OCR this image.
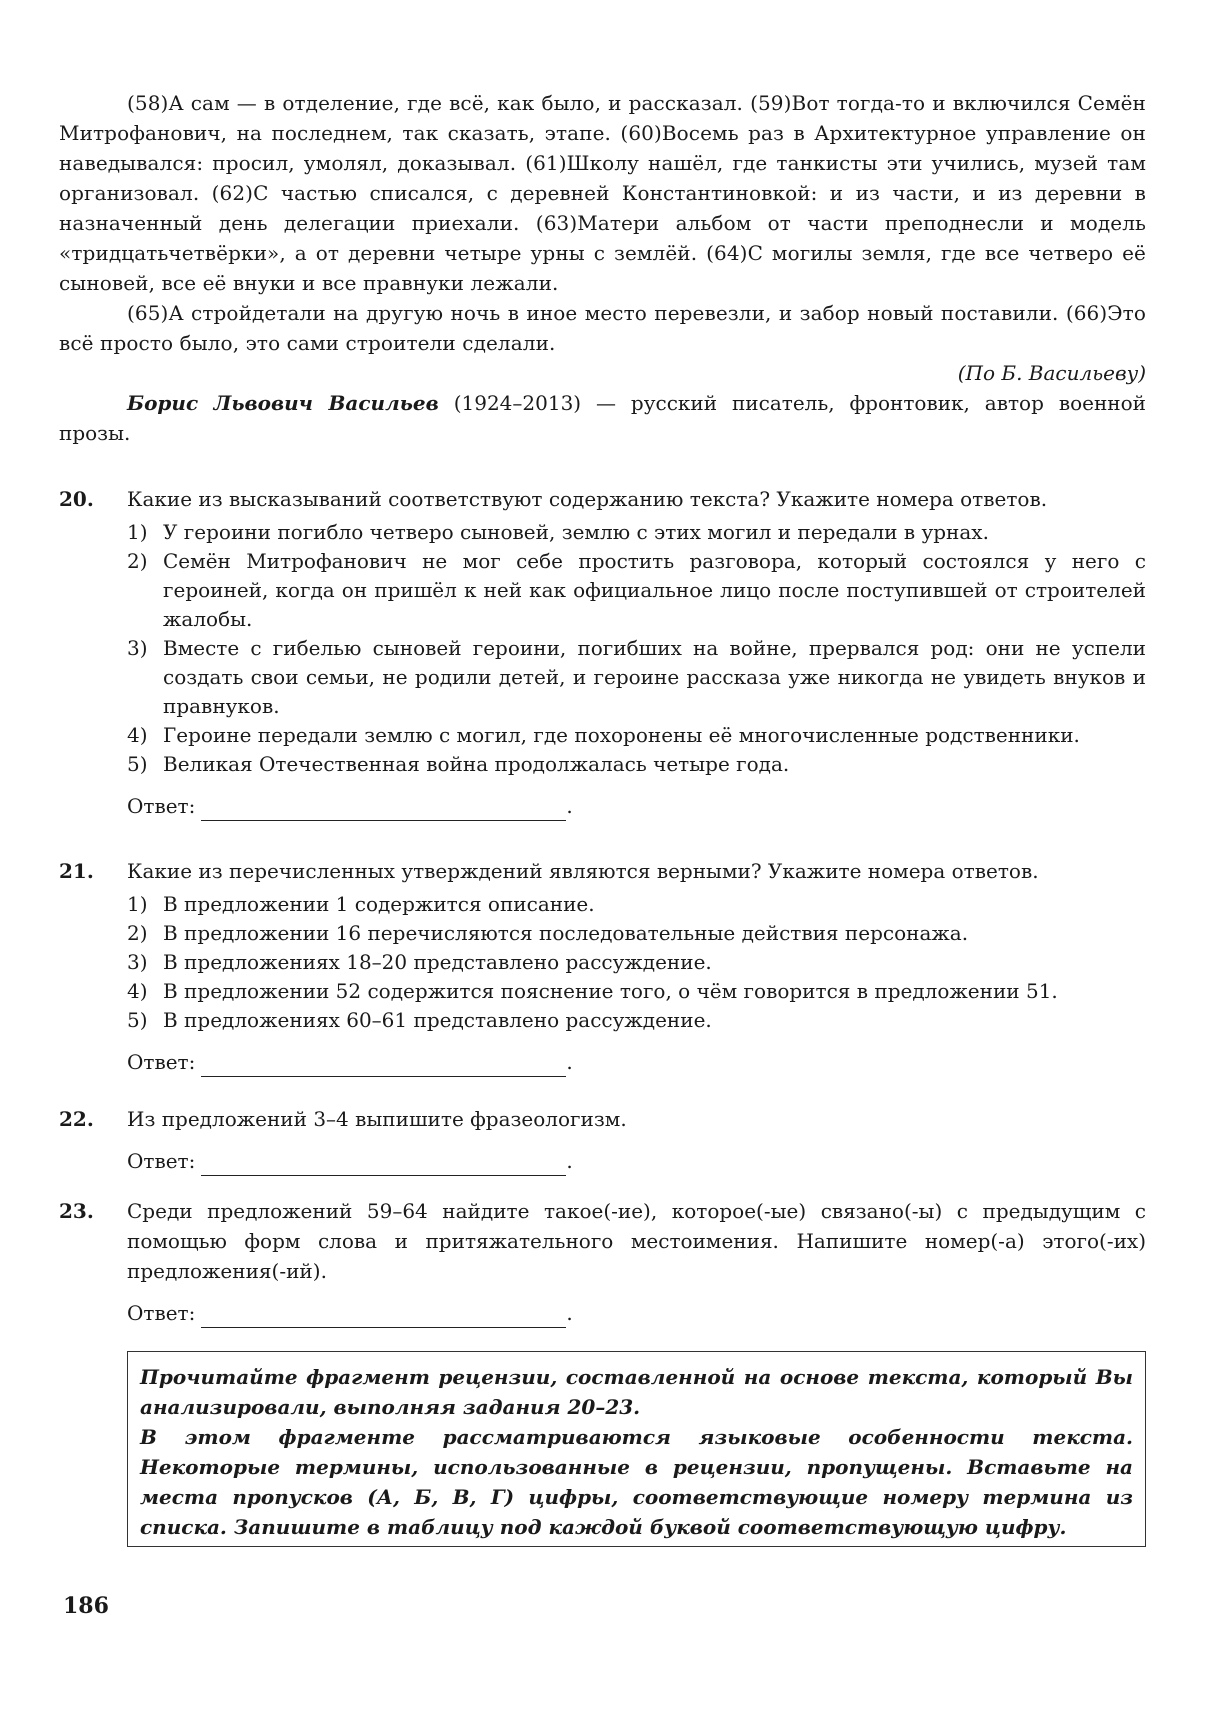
(58)А сам — в отделение, где всё, как было, и рассказал. (59)Вот тогда-то и включился Семён Митрофанович, на последнем, так сказать, этапе. (60)Восемь раз в Архитектурное управление он наведывался: просил, умолял, доказывал. (61)Школу нашёл, где танкисты эти учились, музей там организовал. (62)С частью списался, с деревней Константиновкой: и из части, и из деревни в назначенный день делегации приехали. (63)Матери альбом от части преподнесли и модель «тридцатьчетвёрки», а от деревни четыре урны с землёй. (64)С могилы земля, где все четверо её сыновей, все её внуки и все правнуки лежали.

(65)А стройдетали на другую ночь в иное место перевезли, и забор новый поставили. (66)Это всё просто было, это сами строители сделали.

(По Б. Васильеву)

Борис Львович Васильев (1924–2013) — русский писатель, фронтовик, автор военной прозы.

20. Какие из высказываний соответствуют содержанию текста? Укажите номера ответов.
1) У героини погибло четверо сыновей, землю с этих могил и передали в урнах.
2) Семён Митрофанович не мог себе простить разговора, который состоялся у него с героиней, когда он пришёл к ней как официальное лицо после поступившей от строителей жалобы.
3) Вместе с гибелью сыновей героини, погибших на войне, прервался род: они не успели создать свои семьи, не родили детей, и героине рассказа уже никогда не увидеть внуков и правнуков.
4) Героине передали землю с могил, где похоронены её многочисленные родственники.
5) Великая Отечественная война продолжалась четыре года.
Ответ:	.
21. Какие из перечисленных утверждений являются верными? Укажите номера ответов.
1) В предложении 1 содержится описание.
2) В предложении 16 перечисляются последовательные действия персонажа.
3) В предложениях 18–20 представлено рассуждение.
4) В предложении 52 содержится пояснение того, о чём говорится в предложении 51.
5) В предложениях 60–61 представлено рассуждение.
Ответ:	.
22. Из предложений 3–4 выпишите фразеологизм.
Ответ:	.
23. Среди предложений 59–64 найдите такое(-ие), которое(-ые) связано(-ы) с предыдущим с помощью форм слова и притяжательного местоимения. Напишите номер(-а) этого(-их) предложения(-ий).
Ответ:	.

Прочитайте фрагмент рецензии, составленной на основе текста, который Вы анализировали, выполняя задания 20–23.

В этом фрагменте рассматриваются языковые особенности текста. Некоторые термины, использованные в рецензии, пропущены. Вставьте на места пропусков (А, Б, В, Г) цифры, соответствующие номеру термина из списка. Запишите в таблицу под каждой буквой соответствующую цифру.

186
